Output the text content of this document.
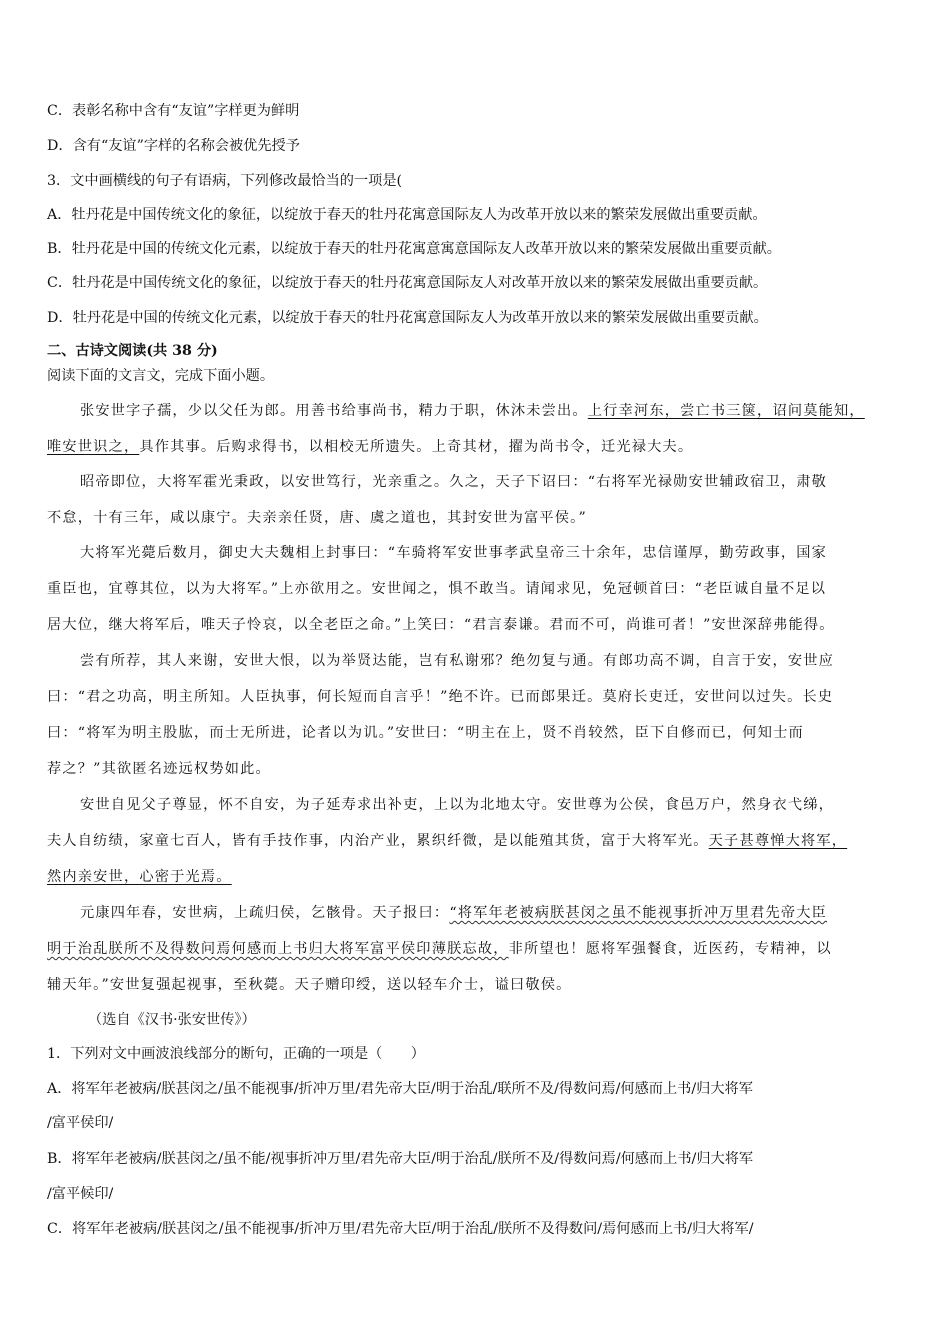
C．表彰名称中含有“友谊”字样更为鲜明
D．含有“友谊”字样的名称会被优先授予
3．文中画横线的句子有语病，下列修改最恰当的一项是(
A．牡丹花是中国传统文化的象征，以绽放于春天的牡丹花寓意国际友人为改革开放以来的繁荣发展做出重要贡献。
B．牡丹花是中国的传统文化元素，以绽放于春天的牡丹花寓意寓意国际友人改革开放以来的繁荣发展做出重要贡献。
C．牡丹花是中国传统文化的象征，以绽放于春天的牡丹花寓意国际友人对改革开放以来的繁荣发展做出重要贡献。
D．牡丹花是中国的传统文化元素，以绽放于春天的牡丹花寓意国际友人为改革开放以来的繁荣发展做出重要贡献。
二、古诗文阅读(共 38 分)
阅读下面的文言文，完成下面小题。
张安世字子孺，少以父任为郎。用善书给事尚书，精力于职，休沐未尝出。上行幸河东，尝亡书三箧，诏问莫能知，
唯安世识之，具作其事。后购求得书，以相校无所遗失。上奇其材，擢为尚书令，迁光禄大夫。
昭帝即位，大将军霍光秉政，以安世笃行，光亲重之。久之，天子下诏曰：“右将军光禄勋安世辅政宿卫，肃敬
不怠，十有三年，咸以康宁。夫亲亲任贤，唐、虞之道也，其封安世为富平侯。”
大将军光薨后数月，御史大夫魏相上封事曰：“车骑将军安世事孝武皇帝三十余年，忠信谨厚，勤劳政事，国家
重臣也，宜尊其位，以为大将军。”上亦欲用之。安世闻之，惧不敢当。请闻求见，免冠顿首曰：“老臣诚自量不足以
居大位，继大将军后，唯天子怜哀，以全老臣之命。”上笑曰：“君言泰谦。君而不可，尚谁可者！”安世深辞弗能得。
尝有所荐，其人来谢，安世大恨，以为举贤达能，岂有私谢邪？绝勿复与通。有郎功高不调，自言于安，安世应
曰：“君之功高，明主所知。人臣执事，何长短而自言乎！”绝不许。已而郎果迁。莫府长吏迁，安世问以过失。长史
曰：“将军为明主股肱，而士无所进，论者以为讥。”安世曰：“明主在上，贤不肖较然，臣下自修而已，何知士而
荐之？”其欲匿名迹远权势如此。
安世自见父子尊显，怀不自安，为子延寿求出补吏，上以为北地太守。安世尊为公侯，食邑万户，然身衣弋绨，
夫人自纺绩，家童七百人，皆有手技作事，内治产业，累织纤微，是以能殖其货，富于大将军光。天子甚尊惮大将军，
然内亲安世，心密于光焉。
元康四年春，安世病，上疏归侯，乞骸骨。天子报曰：“将军年老被病朕甚闵之虽不能视事折冲万里君先帝大臣
明于治乱朕所不及得数问焉何感而上书归大将军富平侯印薄朕忘故，非所望也！愿将军强餐食，近医药，专精神，以
辅天年。”安世复强起视事，至秋薨。天子赠印绶，送以轻车介士，谥曰敬侯。
（选自《汉书·张安世传》）
1．下列对文中画波浪线部分的断句，正确的一项是（　　）
A．将军年老被病/朕甚闵之/虽不能视事/折冲万里/君先帝大臣/明于治乱/联所不及/得数问焉/何感而上书/归大将军
/富平侯印/
B．将军年老被病/朕甚闵之/虽不能/视事折冲万里/君先帝大臣/明于治乱/朕所不及/得数问焉/何感而上书/归大将军
/富平候印/
C．将军年老被病/朕甚闵之/虽不能视事/折冲万里/君先帝大臣/明于治乱/朕所不及得数问/焉何感而上书/归大将军/
